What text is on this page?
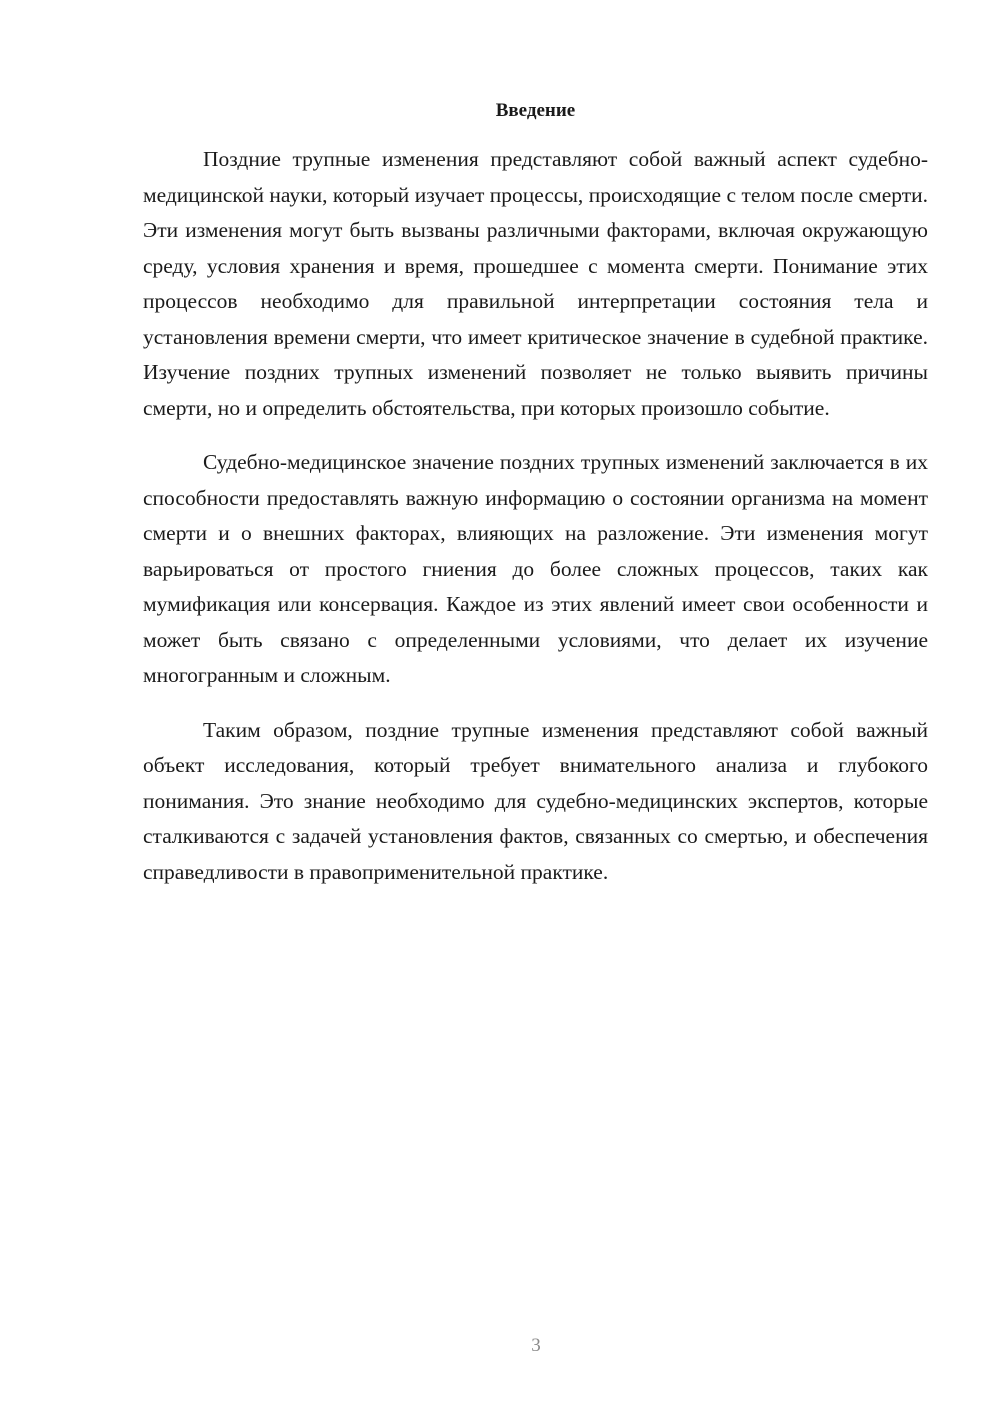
Введение

Поздние трупные изменения представляют собой важный аспект судебно-медицинской науки, который изучает процессы, происходящие с телом после смерти. Эти изменения могут быть вызваны различными факторами, включая окружающую среду, условия хранения и время, прошедшее с момента смерти. Понимание этих процессов необходимо для правильной интерпретации состояния тела и установления времени смерти, что имеет критическое значение в судебной практике. Изучение поздних трупных изменений позволяет не только выявить причины смерти, но и определить обстоятельства, при которых произошло событие.

Судебно-медицинское значение поздних трупных изменений заключается в их способности предоставлять важную информацию о состоянии организма на момент смерти и о внешних факторах, влияющих на разложение. Эти изменения могут варьироваться от простого гниения до более сложных процессов, таких как мумификация или консервация. Каждое из этих явлений имеет свои особенности и может быть связано с определенными условиями, что делает их изучение многогранным и сложным.

Таким образом, поздние трупные изменения представляют собой важный объект исследования, который требует внимательного анализа и глубокого понимания. Это знание необходимо для судебно-медицинских экспертов, которые сталкиваются с задачей установления фактов, связанных со смертью, и обеспечения справедливости в правоприменительной практике.

3
